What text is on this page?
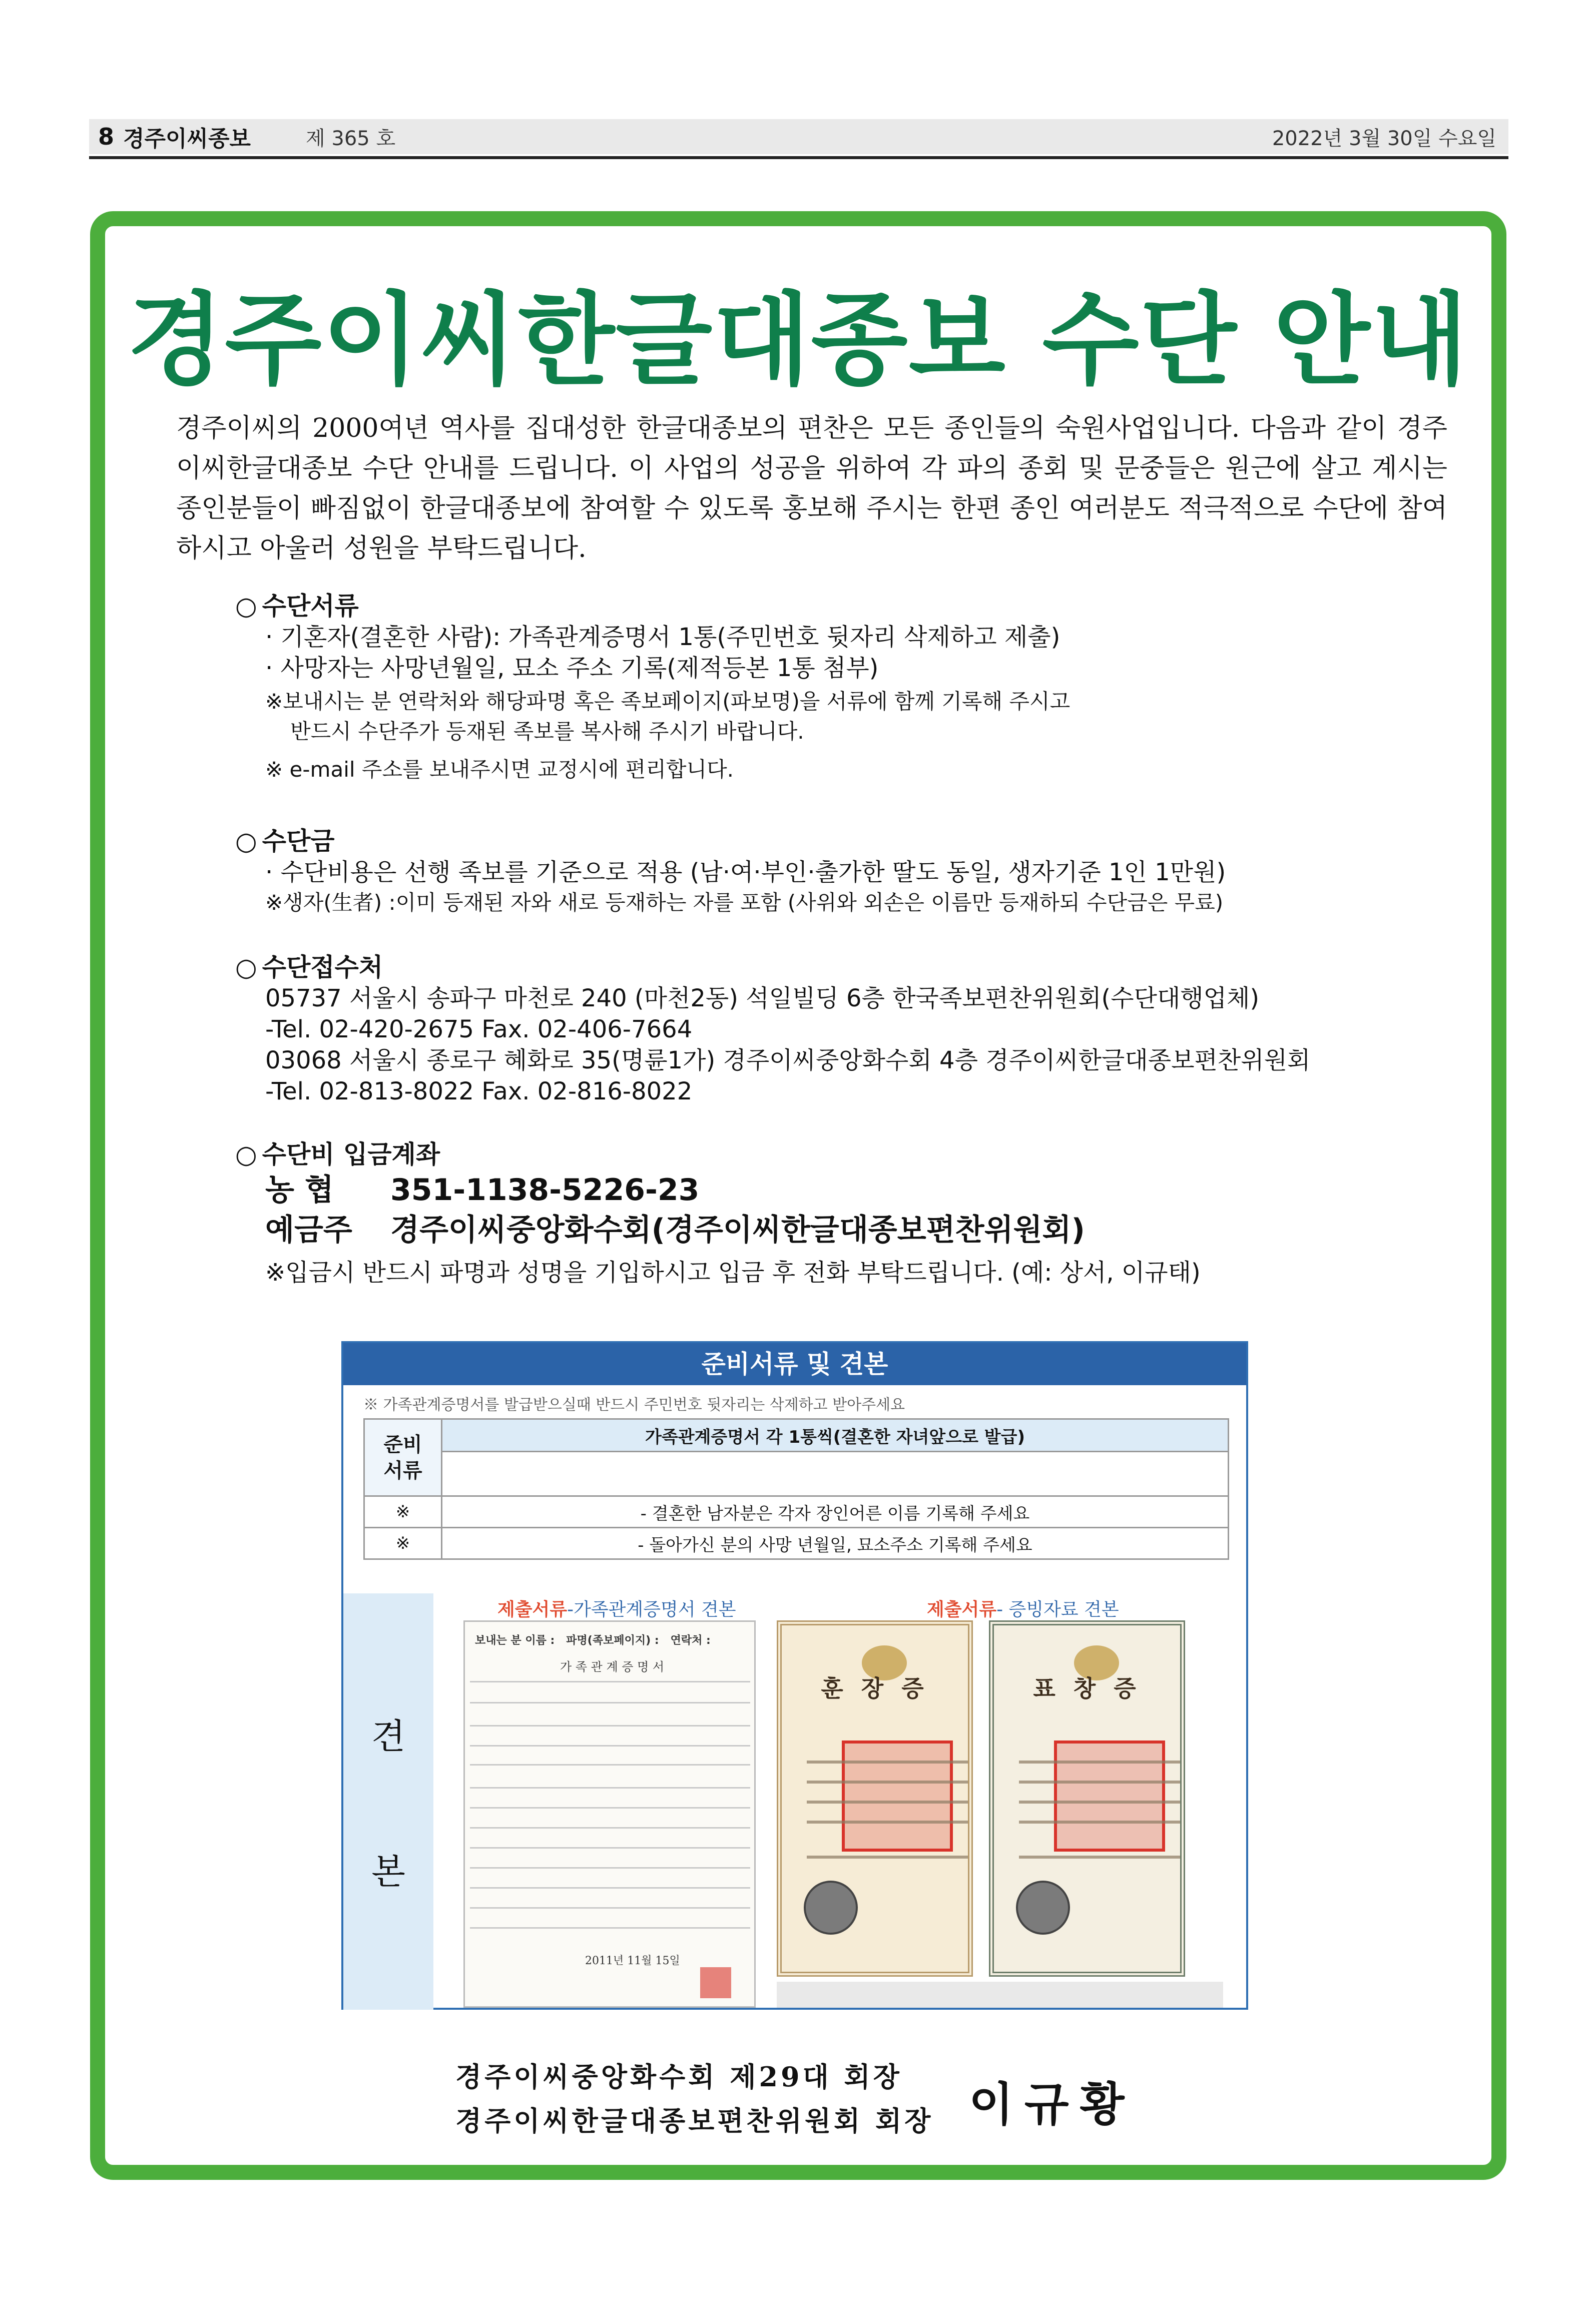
8 경주이씨종보	제 365 호	2022년 3월 30일 수요일
경주이씨한글대종보 수단 안내
경주이씨의 2000여년 역사를 집대성한 한글대종보의 편찬은 모든 종인들의 숙원사업입니다. 다음과 같이 경주이씨한글대종보 수단 안내를 드립니다. 이 사업의 성공을 위하여 각 파의 종회 및 문중들은 원근에 살고 계시는 종인분들이 빠짐없이 한글대종보에 참여할 수 있도록 홍보해 주시는 한편 종인 여러분도 적극적으로 수단에 참여하시고 아울러 성원을 부탁드립니다.
○ 수단서류
· 기혼자(결혼한 사람): 가족관계증명서 1통(주민번호 뒷자리 삭제하고 제출)
· 사망자는 사망년월일, 묘소 주소 기록(제적등본 1통 첨부)
※보내시는 분 연락처와 해당파명 혹은 족보페이지(파보명)을 서류에 함께 기록해 주시고
반드시 수단주가 등재된 족보를 복사해 주시기 바랍니다.
※ e-mail 주소를 보내주시면 교정시에 편리합니다.
○ 수단금
· 수단비용은 선행 족보를 기준으로 적용 (남·여·부인·출가한 딸도 동일, 생자기준 1인 1만원)
※생자(生者) :이미 등재된 자와 새로 등재하는 자를 포함 (사위와 외손은 이름만 등재하되 수단금은 무료)
○ 수단접수처
05737 서울시 송파구 마천로 240 (마천2동) 석일빌딩 6층 한국족보편찬위원회(수단대행업체)
-Tel. 02-420-2675 Fax. 02-406-7664
03068 서울시 종로구 혜화로 35(명륜1가) 경주이씨중앙화수회 4층 경주이씨한글대종보편찬위원회
-Tel. 02-813-8022 Fax. 02-816-8022
○ 수단비 입금계좌
농 협 351-1138-5226-23
예금주 경주이씨중앙화수회(경주이씨한글대종보편찬위원회)
※입금시 반드시 파명과 성명을 기입하시고 입금 후 전화 부탁드립니다. (예: 상서, 이규태)
준비서류 및 견본
※ 가족관계증명서를 발급받으실때 반드시 주민번호 뒷자리는 삭제하고 받아주세요
준비
서류	가족관계증명서 각 1통씩(결혼한 자녀앞으로 발급)

※	- 결혼한 남자분은 각자 장인어른 이름 기록해 주세요
※	- 돌아가신 분의 사망 년월일, 묘소주소 기록해 주세요
견
본
제출서류-가족관계증명서 견본	제출서류- 증빙자료 견본
보내는 분 이름 : 파명(족보페이지) : 연락처 :
가 족 관 계 증 명 서
2011년 11월 15일
훈 장 증	표 창 증
경주이씨중앙화수회 제29대 회장
경주이씨한글대종보편찬위원회 회장 이규황
